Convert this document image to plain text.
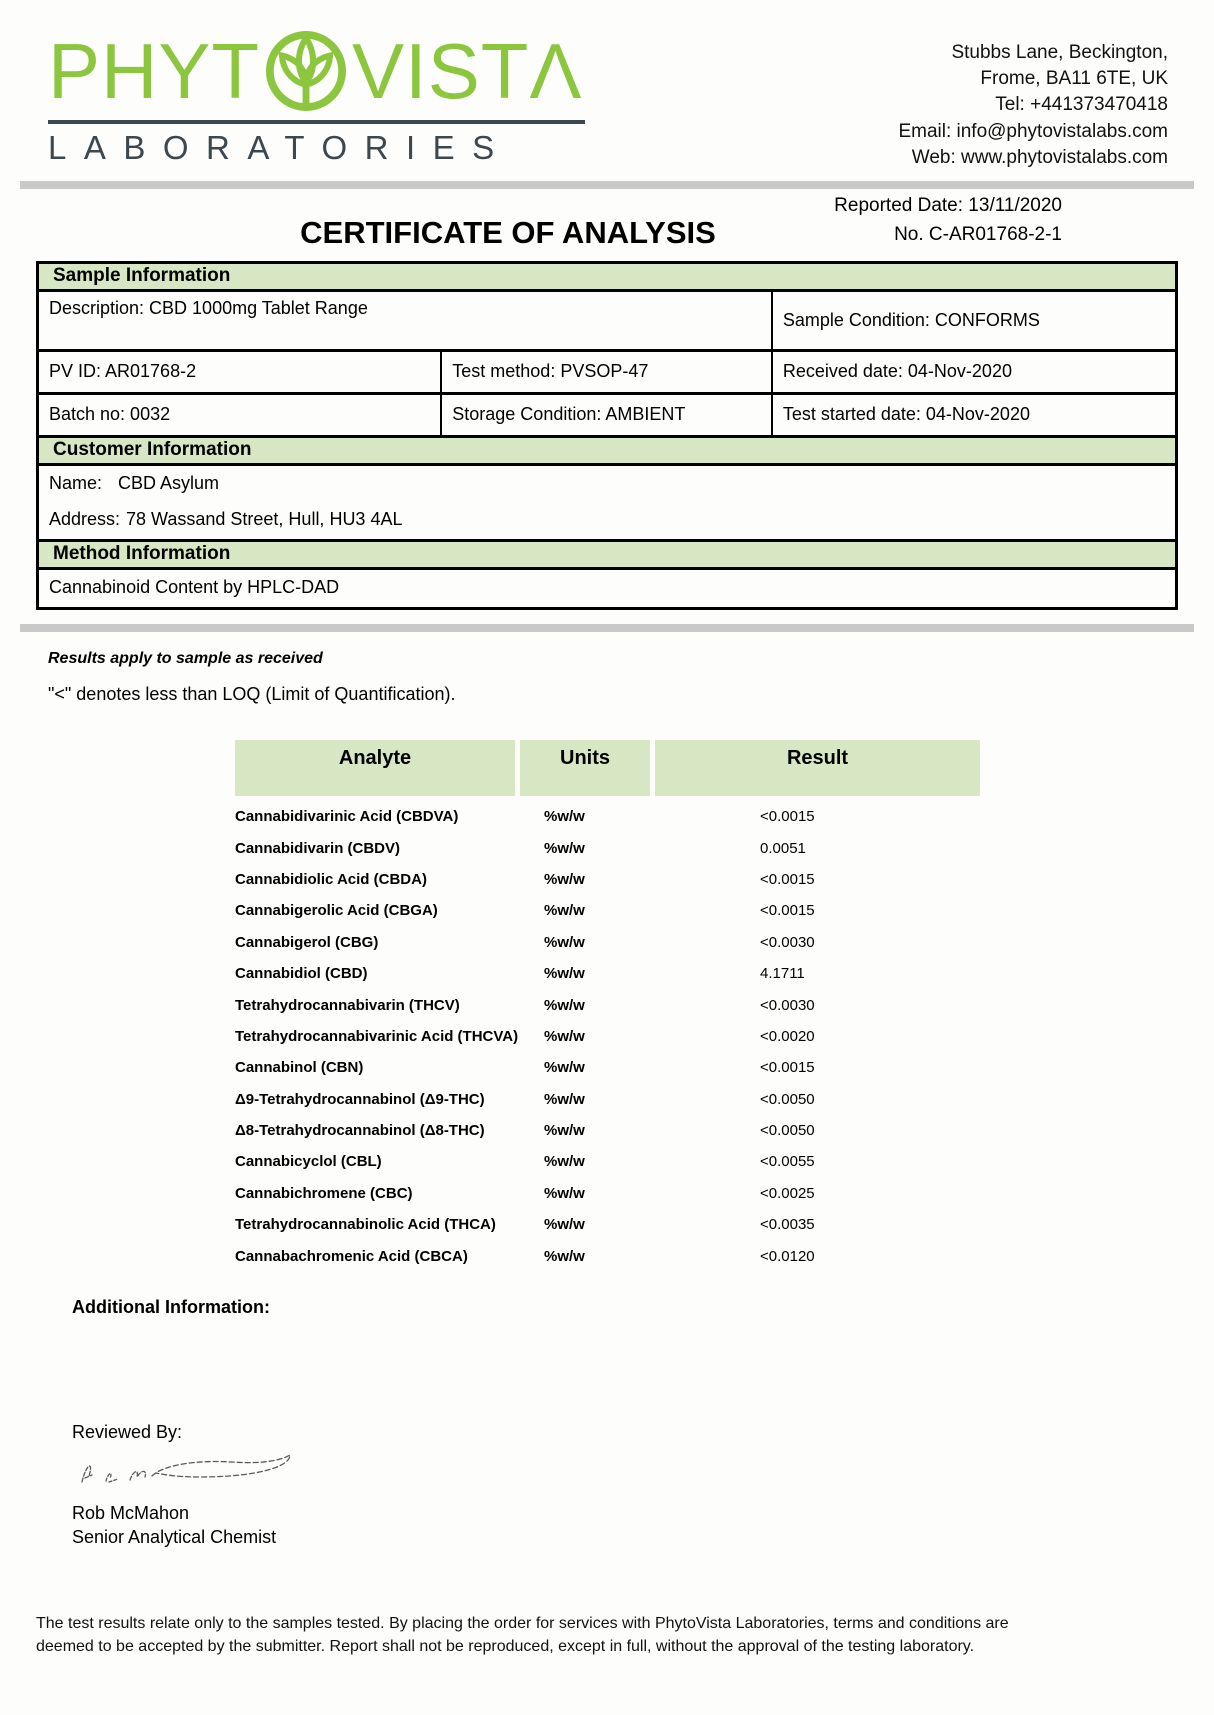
PHYT VISTΛ
LABORATORIES
Stubbs Lane, Beckington,
Frome, BA11 6TE, UK
Tel: +441373470418
Email: info@phytovistalabs.com
Web: www.phytovistalabs.com
CERTIFICATE OF ANALYSIS
Reported Date: 13/11/2020
No. C-AR01768-2-1
Sample Information
Description: CBD 1000mg Tablet Range
Sample Condition: CONFORMS
PV ID: AR01768-2	Test method: PVSOP-47	Received date: 04-Nov-2020
Batch no: 0032	Storage Condition: AMBIENT	Test started date: 04-Nov-2020
Customer Information
Name: CBD Asylum
Address: 78 Wassand Street, Hull, HU3 4AL
Method Information
Cannabinoid Content by HPLC-DAD
Results apply to sample as received
"<" denotes less than LOQ (Limit of Quantification).
Analyte	Units	Result
Cannabidivarinic Acid (CBDVA)	%w/w	<0.0015
Cannabidivarin (CBDV)	%w/w	0.0051
Cannabidiolic Acid (CBDA)	%w/w	<0.0015
Cannabigerolic Acid (CBGA)	%w/w	<0.0015
Cannabigerol (CBG)	%w/w	<0.0030
Cannabidiol (CBD)	%w/w	4.1711
Tetrahydrocannabivarin (THCV)	%w/w	<0.0030
Tetrahydrocannabivarinic Acid (THCVA)	%w/w	<0.0020
Cannabinol (CBN)	%w/w	<0.0015
Δ9-Tetrahydrocannabinol (Δ9-THC)	%w/w	<0.0050
Δ8-Tetrahydrocannabinol (Δ8-THC)	%w/w	<0.0050
Cannabicyclol (CBL)	%w/w	<0.0055
Cannabichromene (CBC)	%w/w	<0.0025
Tetrahydrocannabinolic Acid (THCA)	%w/w	<0.0035
Cannabachromenic Acid (CBCA)	%w/w	<0.0120
Additional Information:
Reviewed By:
Rob McMahon
Senior Analytical Chemist
The test results relate only to the samples tested. By placing the order for services with PhytoVista Laboratories, terms and conditions are
deemed to be accepted by the submitter. Report shall not be reproduced, except in full, without the approval of the testing laboratory.
